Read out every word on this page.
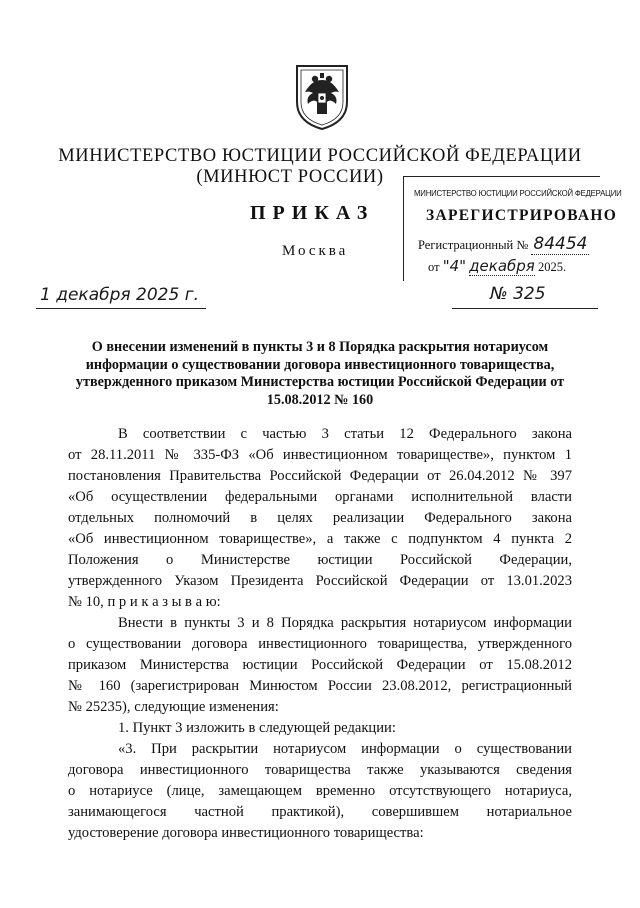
МИНИСТЕРСТВО ЮСТИЦИИ РОССИЙСКОЙ ФЕДЕРАЦИИ
(МИНЮСТ РОССИИ)
ПРИКАЗ
Москва
МИНИСТЕРСТВО ЮСТИЦИИ РОССИЙСКОЙ ФЕДЕРАЦИИ
ЗАРЕГИСТРИРОВАНО
Регистрационный № 84454
от "4" декабря 2025.
1 декабря 2025 г.	№ 325
О внесении изменений в пункты 3 и 8 Порядка раскрытия нотариусом информации о существовании договора инвестиционного товарищества, утвержденного приказом Министерства юстиции Российской Федерации от 15.08.2012 № 160
В соответствии с частью 3 статьи 12 Федерального закона
от 28.11.2011 № 335-ФЗ «Об инвестиционном товариществе», пунктом 1
постановления Правительства Российской Федерации от 26.04.2012 № 397
«Об осуществлении федеральными органами исполнительной власти
отдельных полномочий в целях реализации Федерального закона
«Об инвестиционном товариществе», а также с подпунктом 4 пункта 2
Положения о Министерстве юстиции Российской Федерации,
утвержденного Указом Президента Российской Федерации от 13.01.2023
№ 10, п р и к а з ы в а ю:
Внести в пункты 3 и 8 Порядка раскрытия нотариусом информации
о существовании договора инвестиционного товарищества, утвержденного
приказом Министерства юстиции Российской Федерации от 15.08.2012
№ 160 (зарегистрирован Минюстом России 23.08.2012, регистрационный
№ 25235), следующие изменения:
1. Пункт 3 изложить в следующей редакции:
«3. При раскрытии нотариусом информации о существовании
договора инвестиционного товарищества также указываются сведения
о нотариусе (лице, замещающем временно отсутствующего нотариуса,
занимающегося частной практикой), совершившем нотариальное
удостоверение договора инвестиционного товарищества:
